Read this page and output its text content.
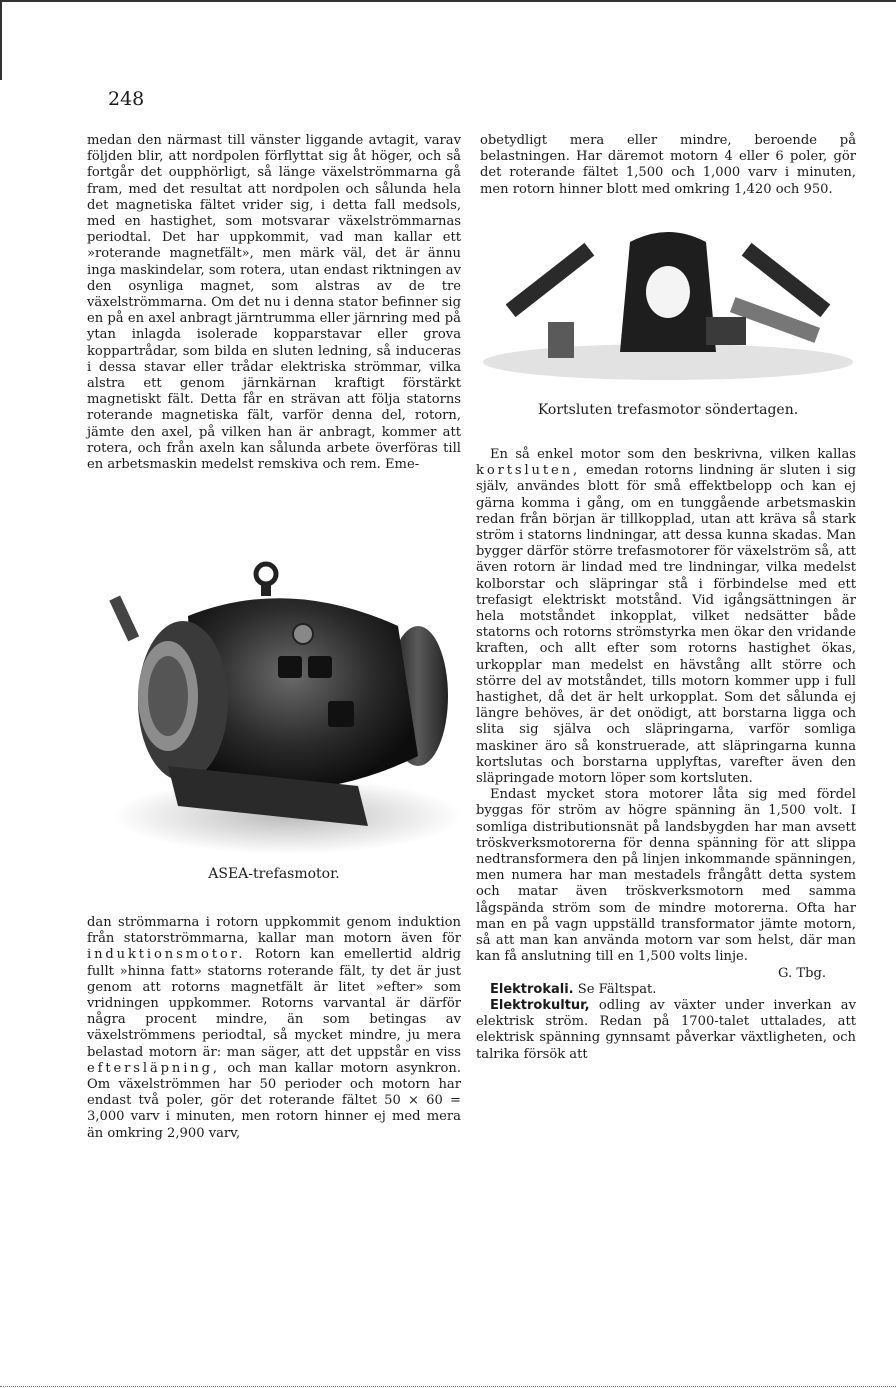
248

medan den närmast till vänster liggande avtagit, varav följden blir, att nordpolen förflyttat sig åt höger, och så fortgår det oupphörligt, så länge växelströmmarna gå fram, med det resultat att nordpolen och sålunda hela det magnetiska fältet vrider sig, i detta fall medsols, med en hastighet, som motsvarar växelströmmarnas periodtal. Det har uppkommit, vad man kallar ett »roterande magnetfält», men märk väl, det är ännu inga maskindelar, som rotera, utan endast riktningen av den osynliga magnet, som alstras av de tre växelströmmarna. Om det nu i denna stator befinner sig en på en axel anbragt järntrumma eller järnring med på ytan inlagda isolerade kopparstavar eller grova koppartrådar, som bilda en sluten ledning, så induceras i dessa stavar eller trådar elektriska strömmar, vilka alstra ett genom järnkärnan kraftigt förstärkt magnetiskt fält. Detta får en strävan att följa statorns roterande magnetiska fält, varför denna del, rotorn, jämte den axel, på vilken han är anbragt, kommer att rotera, och från axeln kan sålunda arbete överföras till en arbetsmaskin medelst remskiva och rem. Eme-

ASEA-trefasmotor.

dan strömmarna i rotorn uppkommit genom induktion från statorströmmarna, kallar man motorn även för induktionsmotor. Rotorn kan emellertid aldrig fullt »hinna fatt» statorns roterande fält, ty det är just genom att rotorns magnetfält är litet »efter» som vridningen uppkommer. Rotorns varvantal är därför några procent mindre, än som betingas av växelströmmens periodtal, så mycket mindre, ju mera belastad motorn är: man säger, att det uppstår en viss eftersläpning, och man kallar motorn asynkron. Om växelströmmen har 50 perioder och motorn har endast två poler, gör det roterande fältet 50 × 60 = 3,000 varv i minuten, men rotorn hinner ej med mera än omkring 2,900 varv,

obetydligt mera eller mindre, beroende på belastningen. Har däremot motorn 4 eller 6 poler, gör det roterande fältet 1,500 och 1,000 varv i minuten, men rotorn hinner blott med omkring 1,420 och 950.

Kortsluten trefasmotor söndertagen.

En så enkel motor som den beskrivna, vilken kallas kortsluten, emedan rotorns lindning är sluten i sig själv, användes blott för små effektbelopp och kan ej gärna komma i gång, om en tunggående arbetsmaskin redan från början är tillkopplad, utan att kräva så stark ström i statorns lindningar, att dessa kunna skadas. Man bygger därför större trefasmotorer för växelström så, att även rotorn är lindad med tre lindningar, vilka medelst kolborstar och släpringar stå i förbindelse med ett trefasigt elektriskt motstånd. Vid igångsättningen är hela motståndet inkopplat, vilket nedsätter både statorns och rotorns strömstyrka men ökar den vridande kraften, och allt efter som rotorns hastighet ökas, urkopplar man medelst en hävstång allt större och större del av motståndet, tills motorn kommer upp i full hastighet, då det är helt urkopplat. Som det sålunda ej längre behöves, är det onödigt, att borstarna ligga och slita sig själva och släpringarna, varför somliga maskiner äro så konstruerade, att släpringarna kunna kortslutas och borstarna upplyftas, varefter även den släpringade motorn löper som kortsluten.

Endast mycket stora motorer låta sig med fördel byggas för ström av högre spänning än 1,500 volt. I somliga distributionsnät på landsbygden har man avsett tröskverksmotorerna för denna spänning för att slippa nedtransformera den på linjen inkommande spänningen, men numera har man mestadels frångått detta system och matar även tröskverksmotorn med samma lågspända ström som de mindre motorerna. Ofta har man en på vagn uppställd transformator jämte motorn, så att man kan använda motorn var som helst, där man kan få anslutning till en 1,500 volts linje.
G. Tbg.

Elektrokali. Se Fältspat.

Elektrokultur, odling av växter under inverkan av elektrisk ström. Redan på 1700-talet uttalades, att elektrisk spänning gynnsamt påverkar växtligheten, och talrika försök att
